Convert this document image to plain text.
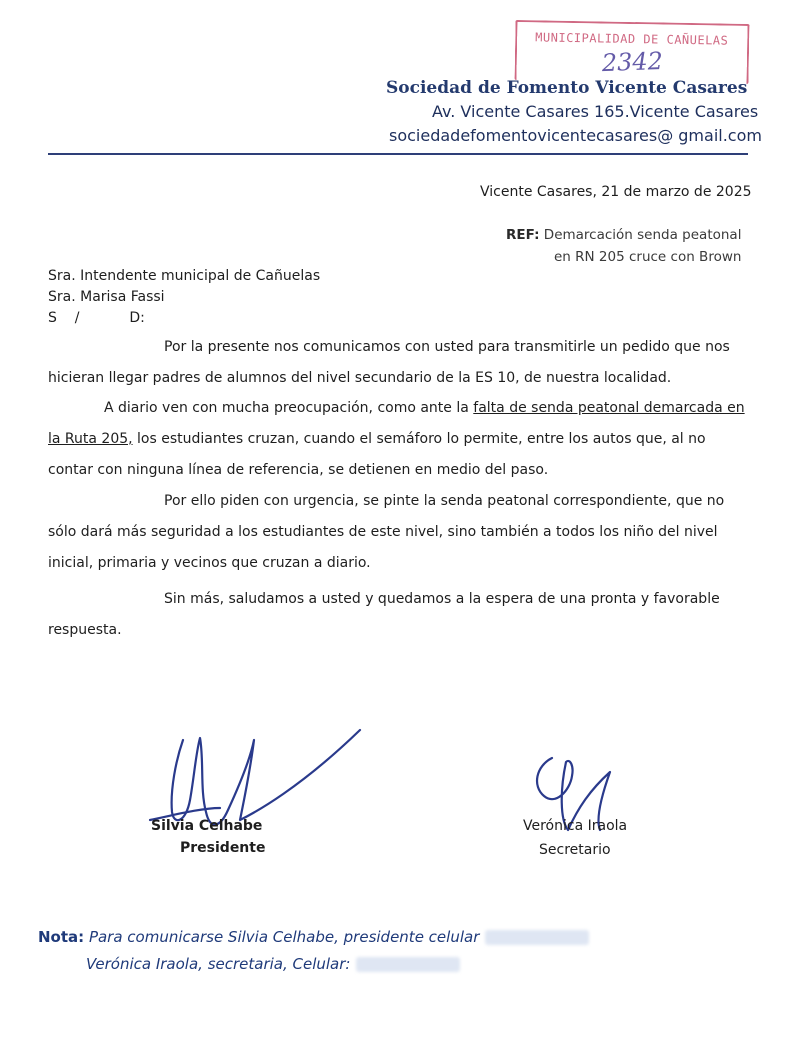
MUNICIPALIDAD DE CAÑUELAS
2342
Sociedad de Fomento Vicente Casares
Av. Vicente Casares 165.Vicente Casares
sociedadefomentovicentecasares@ gmail.com
Vicente Casares, 21 de marzo de 2025
REF: Demarcación senda peatonal
en RN 205 cruce con Brown
Sra. Intendente municipal de Cañuelas
Sra. Marisa Fassi
S    /	D:
Por la presente nos comunicamos con usted para transmitirle un pedido que nos hicieran llegar padres de alumnos del nivel secundario de la ES 10, de nuestra localidad.
A diario ven con mucha preocupación, como ante la falta de senda peatonal demarcada en la Ruta 205, los estudiantes cruzan, cuando el semáforo lo permite, entre los autos que, al no contar con ninguna línea de referencia, se detienen en medio del paso.
Por ello piden con urgencia, se pinte la senda peatonal correspondiente, que no sólo dará más seguridad a los estudiantes de este nivel, sino también a todos los niño del nivel inicial, primaria y vecinos que cruzan a diario.
Sin más, saludamos a usted y quedamos a la espera de una pronta y favorable respuesta.
Silvia Celhabe
Presidente
Verónica Iraola
Secretario
Nota: Para comunicarse Silvia Celhabe, presidente celular
Verónica Iraola, secretaria, Celular:
